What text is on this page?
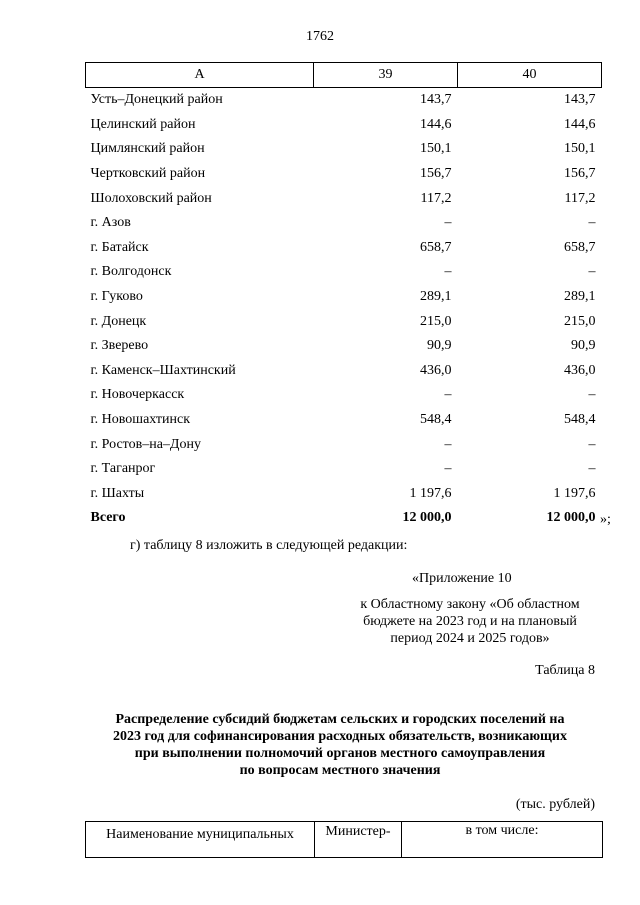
1762
А	39	40
Усть–Донецкий район	143,7	143,7
Целинский район	144,6	144,6
Цимлянский район	150,1	150,1
Чертковский район	156,7	156,7
Шолоховский район	117,2	117,2
г. Азов	–	–
г. Батайск	658,7	658,7
г. Волгодонск	–	–
г. Гуково	289,1	289,1
г. Донецк	215,0	215,0
г. Зверево	90,9	90,9
г. Каменск–Шахтинский	436,0	436,0
г. Новочеркасск	–	–
г. Новошахтинск	548,4	548,4
г. Ростов–на–Дону	–	–
г. Таганрог	–	–
г. Шахты	1 197,6	1 197,6
Всего	12 000,0	12 000,0 »;
г) таблицу 8 изложить в следующей редакции:
«Приложение 10
к Областному закону «Об областном
бюджете на 2023 год и на плановый
период 2024 и 2025 годов»
Таблица 8
Распределение субсидий бюджетам сельских и городских поселений на
2023 год для софинансирования расходных обязательств, возникающих
при выполнении полномочий органов местного самоуправления
по вопросам местного значения
(тыс. рублей)
Наименование муниципальных	Министер-	в том числе:
